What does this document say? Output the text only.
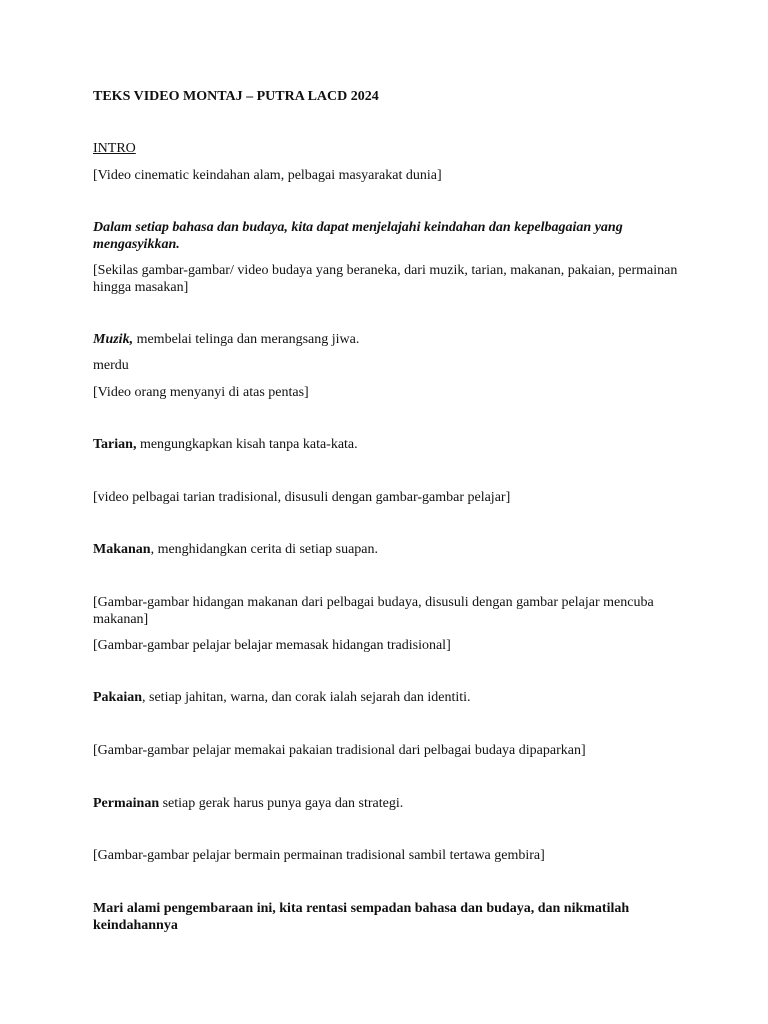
TEKS VIDEO MONTAJ – PUTRA LACD 2024

INTRO

[Video cinematic keindahan alam, pelbagai masyarakat dunia]

Dalam setiap bahasa dan budaya, kita dapat menjelajahi keindahan dan kepelbagaian yang mengasyikkan.

[Sekilas gambar-gambar/ video budaya yang beraneka, dari muzik, tarian, makanan, pakaian, permainan hingga masakan]

Muzik, membelai telinga dan merangsang jiwa.

merdu

[Video orang menyanyi di atas pentas]

Tarian, mengungkapkan kisah tanpa kata-kata.

[video pelbagai tarian tradisional, disusuli dengan gambar-gambar pelajar]

Makanan, menghidangkan cerita di setiap suapan.

[Gambar-gambar hidangan makanan dari pelbagai budaya, disusuli dengan gambar pelajar mencuba makanan]

[Gambar-gambar pelajar belajar memasak hidangan tradisional]

Pakaian, setiap jahitan, warna, dan corak ialah sejarah dan identiti.

[Gambar-gambar pelajar memakai pakaian tradisional dari pelbagai budaya dipaparkan]

Permainan setiap gerak harus punya gaya dan strategi.

[Gambar-gambar pelajar bermain permainan tradisional sambil tertawa gembira]

Mari alami pengembaraan ini, kita rentasi sempadan bahasa dan budaya, dan nikmatilah keindahannya
